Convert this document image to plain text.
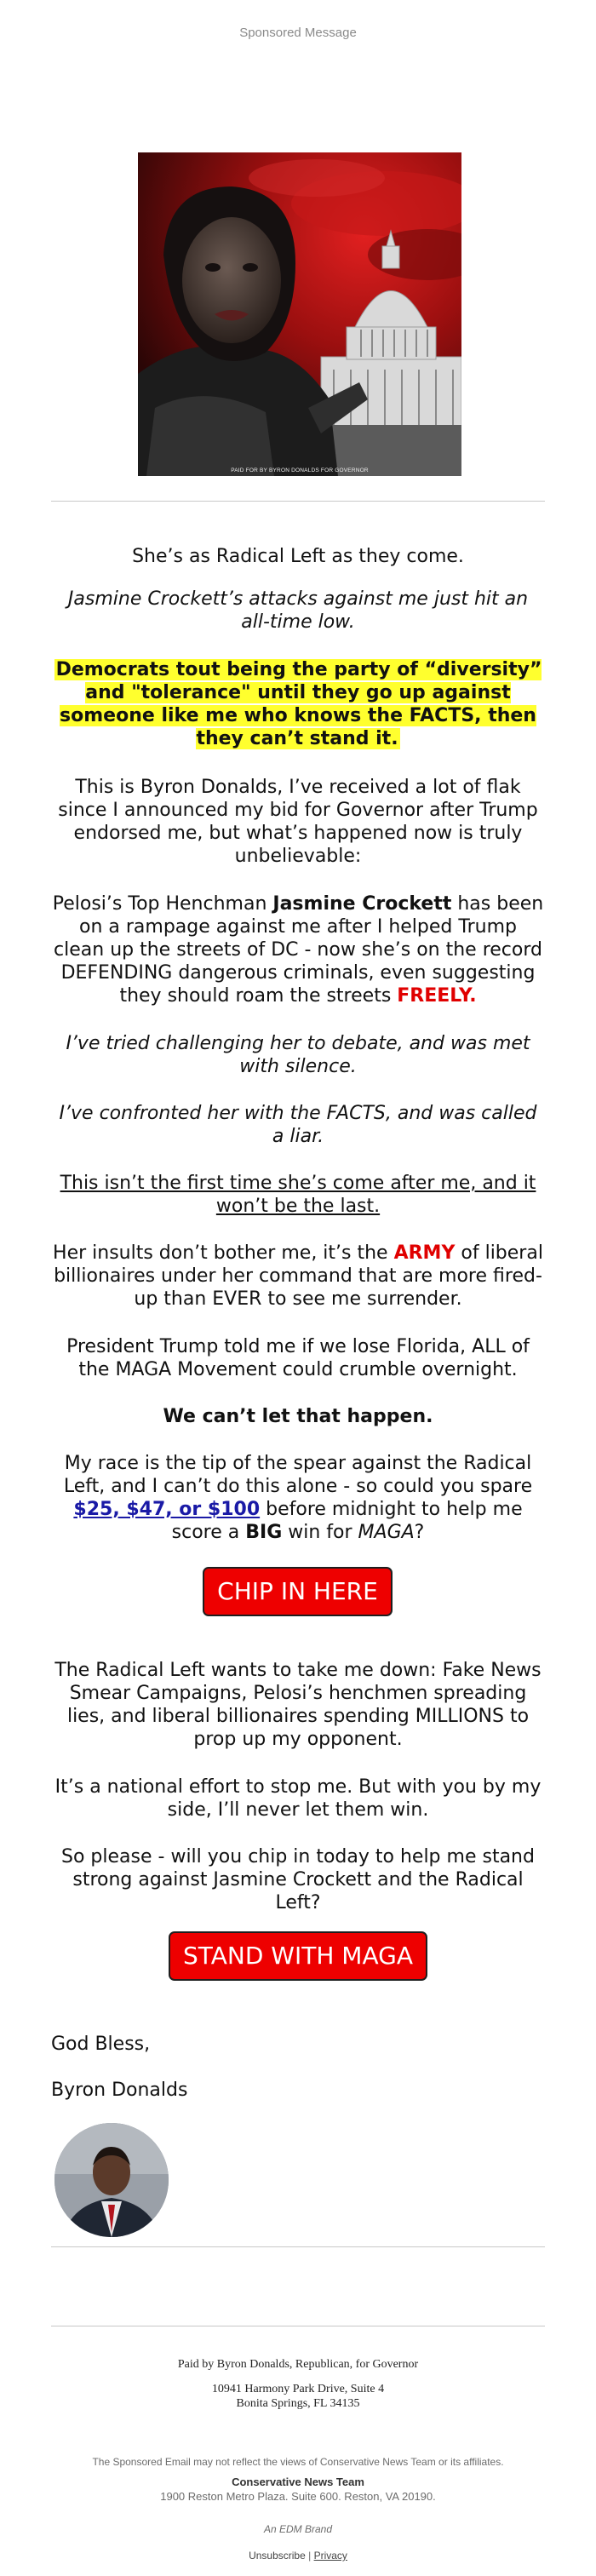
Sponsored Message
PAID FOR BY BYRON DONALDS FOR GOVERNOR
She’s as Radical Left as they come.
Jasmine Crockett’s attacks against me just hit an all-time low.
Democrats tout being the party of “diversity” and "tolerance" until they go up against someone like me who knows the FACTS, then they can’t stand it.
This is Byron Donalds, I’ve received a lot of flak since I announced my bid for Governor after Trump endorsed me, but what’s happened now is truly unbelievable:
Pelosi’s Top Henchman Jasmine Crockett has been on a rampage against me after I helped Trump clean up the streets of DC - now she’s on the record DEFENDING dangerous criminals, even suggesting they should roam the streets FREELY.
I’ve tried challenging her to debate, and was met with silence.
I’ve confronted her with the FACTS, and was called a liar.
This isn’t the first time she’s come after me, and it won’t be the last.
Her insults don’t bother me, it’s the ARMY of liberal billionaires under her command that are more fired-up than EVER to see me surrender.
President Trump told me if we lose Florida, ALL of the MAGA Movement could crumble overnight.
We can’t let that happen.
My race is the tip of the spear against the Radical Left, and I can’t do this alone - so could you spare $25, $47, or $100 before midnight to help me score a BIG win for MAGA?
CHIP IN HERE
The Radical Left wants to take me down: Fake News Smear Campaigns, Pelosi’s henchmen spreading lies, and liberal billionaires spending MILLIONS to prop up my opponent.
It’s a national effort to stop me. But with you by my side, I’ll never let them win.
So please - will you chip in today to help me stand strong against Jasmine Crockett and the Radical Left?
STAND WITH MAGA
God Bless,
Byron Donalds
Paid by Byron Donalds, Republican, for Governor
10941 Harmony Park Drive, Suite 4
Bonita Springs, FL 34135
The Sponsored Email may not reflect the views of Conservative News Team or its affiliates.
Conservative News Team
1900 Reston Metro Plaza. Suite 600. Reston, VA 20190.
An EDM Brand
Unsubscribe | Privacy
